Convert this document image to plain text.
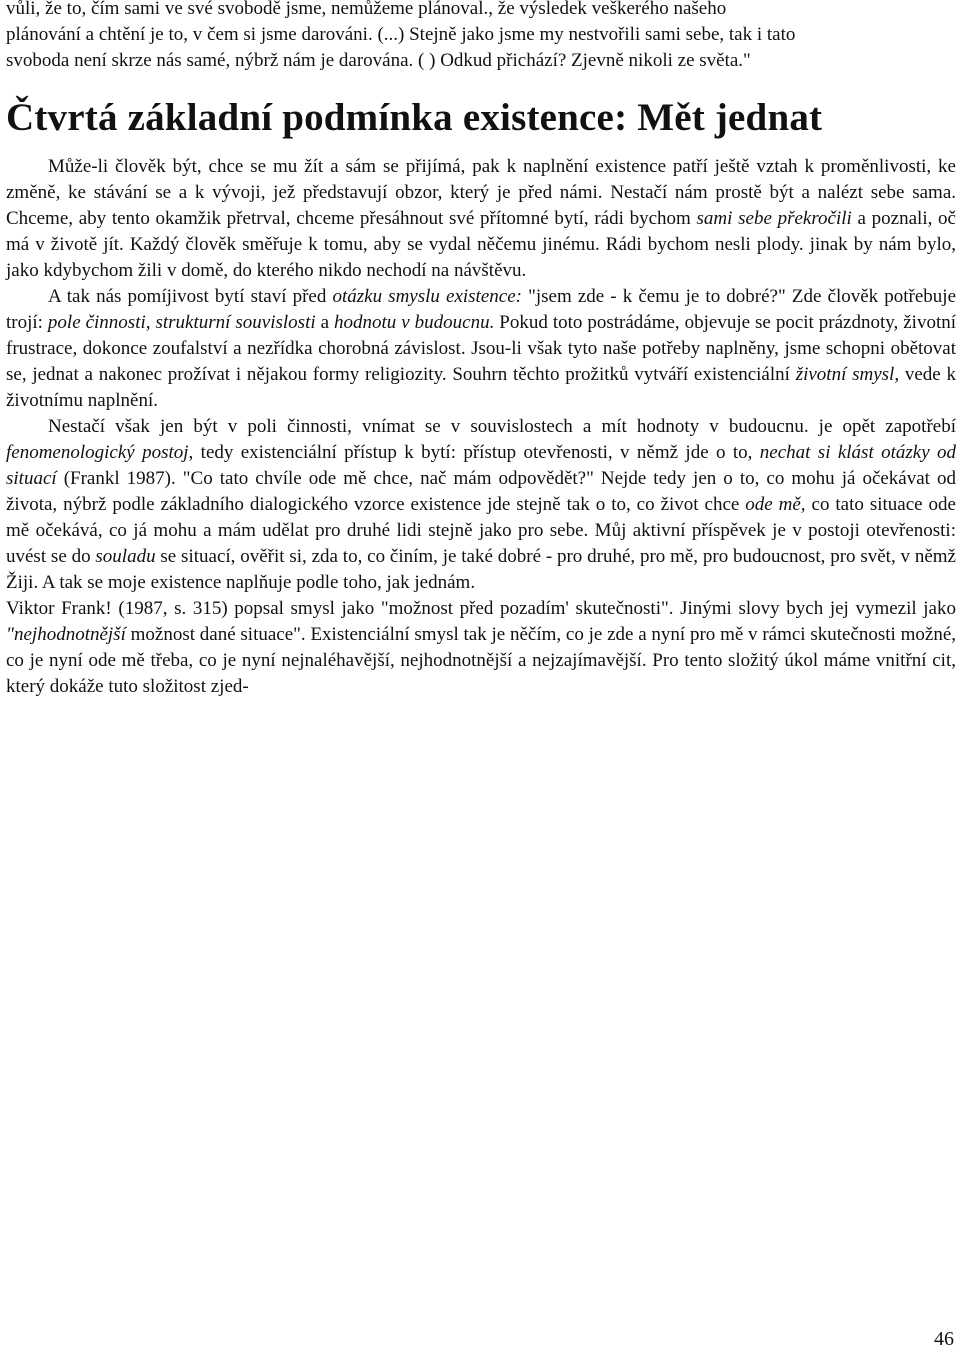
vůli, že to, čím sami ve své svobodě jsme, nemůžeme plánoval., že výsledek veškerého našeho
plánování a chtění je to, v čem si jsme darováni. (...) Stejně jako jsme my nestvořili sami sebe, tak i tato
svoboda není skrze nás samé, nýbrž nám je darována. ( ) Odkud přichází? Zjevně nikoli ze světa."
Čtvrtá základní podmínka existence: Mět jednat

Může-li člověk být, chce se mu žít a sám se přijímá, pak k naplnění existence patří ještě vztah k proměnlivosti, ke změně, ke stávání se a k vývoji, jež představují obzor, který je před námi. Nestačí nám prostě být a nalézt sebe sama. Chceme, aby tento okamžik přetrval, chceme přesáhnout své přítomné bytí, rádi bychom sami sebe překročili a poznali, oč má v životě jít. Každý člověk směřuje k tomu, aby se vydal něčemu jinému. Rádi bychom nesli plody. jinak by nám bylo, jako kdybychom žili v domě, do kterého nikdo nechodí na návštěvu.

A tak nás pomíjivost bytí staví před otázku smyslu existence: "jsem zde - k čemu je to dobré?" Zde člověk potřebuje trojí: pole činnosti, strukturní souvislosti a hodnotu v budoucnu. Pokud toto postrádáme, objevuje se pocit prázdnoty, životní frustrace, dokonce zoufalství a nezřídka chorobná závislost. Jsou-li však tyto naše potřeby naplněny, jsme schopni obětovat se, jednat a nakonec prožívat i nějakou formy religiozity. Souhrn těchto prožitků vytváří existenciální životní smysl, vede k životnímu naplnění.

Nestačí však jen být v poli činnosti, vnímat se v souvislostech a mít hodnoty v budoucnu. je opět zapotřebí fenomenologický postoj, tedy existenciální přístup k bytí: přístup otevřenosti, v němž jde o to, nechat si klást otázky od situací (Frankl 1987). "Co tato chvíle ode mě chce, nač mám odpovědět?" Nejde tedy jen o to, co mohu já očekávat od života, nýbrž podle základního dialogického vzorce existence jde stejně tak o to, co život chce ode mě, co tato situace ode mě očekává, co já mohu a mám udělat pro druhé lidi stejně jako pro sebe. Můj aktivní příspěvek je v postoji otevřenosti: uvést se do souladu se situací, ověřit si, zda to, co činím, je také dobré - pro druhé, pro mě, pro budoucnost, pro svět, v němž Žiji. A tak se moje existence naplňuje podle toho, jak jednám.

Viktor Frank! (1987, s. 315) popsal smysl jako "možnost před pozadím' skutečnosti". Jinými slovy bych jej vymezil jako "nejhodnotnější možnost dané situace". Existenciální smysl tak je něčím, co je zde a nyní pro mě v rámci skutečnosti možné, co je nyní ode mě třeba, co je nyní nejnaléhavější, nejhodnotnější a nejzajímavější. Pro tento složitý úkol máme vnitřní cit, který dokáže tuto složitost zjed-

46
